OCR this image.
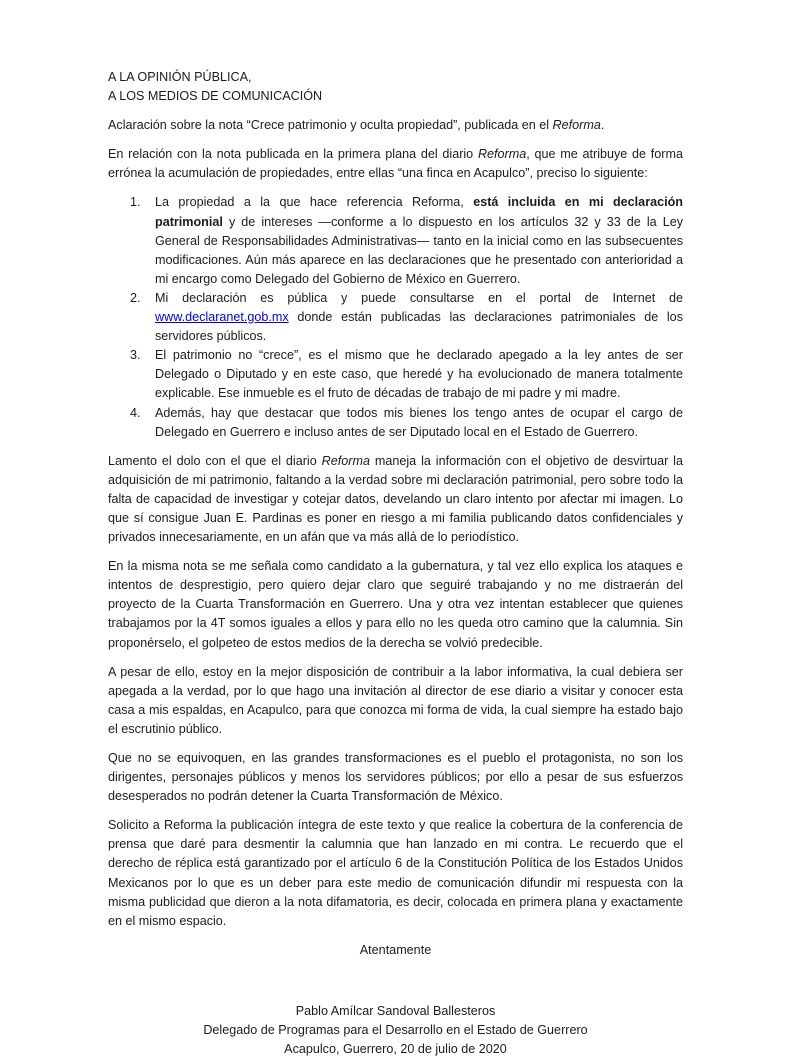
A LA OPINIÓN PÚBLICA,

A LOS MEDIOS DE COMUNICACIÓN

Aclaración sobre la nota “Crece patrimonio y oculta propiedad”, publicada en el Reforma.

En relación con la nota publicada en la primera plana del diario Reforma, que me atribuye de forma errónea la acumulación de propiedades, entre ellas “una finca en Acapulco”, preciso lo siguiente:

1.	La propiedad a la que hace referencia Reforma, está incluida en mi declaración patrimonial y de intereses —conforme a lo dispuesto en los artículos 32 y 33 de la Ley General de Responsabilidades Administrativas— tanto en la inicial como en las subsecuentes modificaciones. Aún más aparece en las declaraciones que he presentado con anterioridad a mi encargo como Delegado del Gobierno de México en Guerrero.
2.	Mi declaración es pública y puede consultarse en el portal de Internet de www.declaranet.gob.mx donde están publicadas las declaraciones patrimoniales de los servidores públicos.
3.	El patrimonio no “crece”, es el mismo que he declarado apegado a la ley antes de ser Delegado o Diputado y en este caso, que heredé y ha evolucionado de manera totalmente explicable. Ese inmueble es el fruto de décadas de trabajo de mi padre y mi madre.
4.	Además, hay que destacar que todos mis bienes los tengo antes de ocupar el cargo de Delegado en Guerrero e incluso antes de ser Diputado local en el Estado de Guerrero.

Lamento el dolo con el que el diario Reforma maneja la información con el objetivo de desvirtuar la adquisición de mi patrimonio, faltando a la verdad sobre mi declaración patrimonial, pero sobre todo la falta de capacidad de investigar y cotejar datos, develando un claro intento por afectar mi imagen. Lo que sí consigue Juan E. Pardinas es poner en riesgo a mi familia publicando datos confidenciales y privados innecesariamente, en un afán que va más allá de lo periodístico.

En la misma nota se me señala como candidato a la gubernatura, y tal vez ello explica los ataques e intentos de desprestigio, pero quiero dejar claro que seguiré trabajando y no me distraerán del proyecto de la Cuarta Transformación en Guerrero. Una y otra vez intentan establecer que quienes trabajamos por la 4T somos iguales a ellos y para ello no les queda otro camino que la calumnia. Sin proponérselo, el golpeteo de estos medios de la derecha se volvió predecible.

A pesar de ello, estoy en la mejor disposición de contribuir a la labor informativa, la cual debiera ser apegada a la verdad, por lo que hago una invitación al director de ese diario a visitar y conocer esta casa a mis espaldas, en Acapulco, para que conozca mi forma de vida, la cual siempre ha estado bajo el escrutinio público.

Que no se equivoquen, en las grandes transformaciones es el pueblo el protagonista, no son los dirigentes, personajes públicos y menos los servidores públicos; por ello a pesar de sus esfuerzos desesperados no podrán detener la Cuarta Transformación de México.

Solicito a Reforma la publicación íntegra de este texto y que realice la cobertura de la conferencia de prensa que daré para desmentir la calumnia que han lanzado en mi contra. Le recuerdo que el derecho de réplica está garantizado por el artículo 6 de la Constitución Política de los Estados Unidos Mexicanos por lo que es un deber para este medio de comunicación difundir mi respuesta con la misma publicidad que dieron a la nota difamatoria, es decir, colocada en primera plana y exactamente en el mismo espacio.

Atentamente

Pablo Amílcar Sandoval Ballesteros

Delegado de Programas para el Desarrollo en el Estado de Guerrero

Acapulco, Guerrero, 20 de julio de 2020
